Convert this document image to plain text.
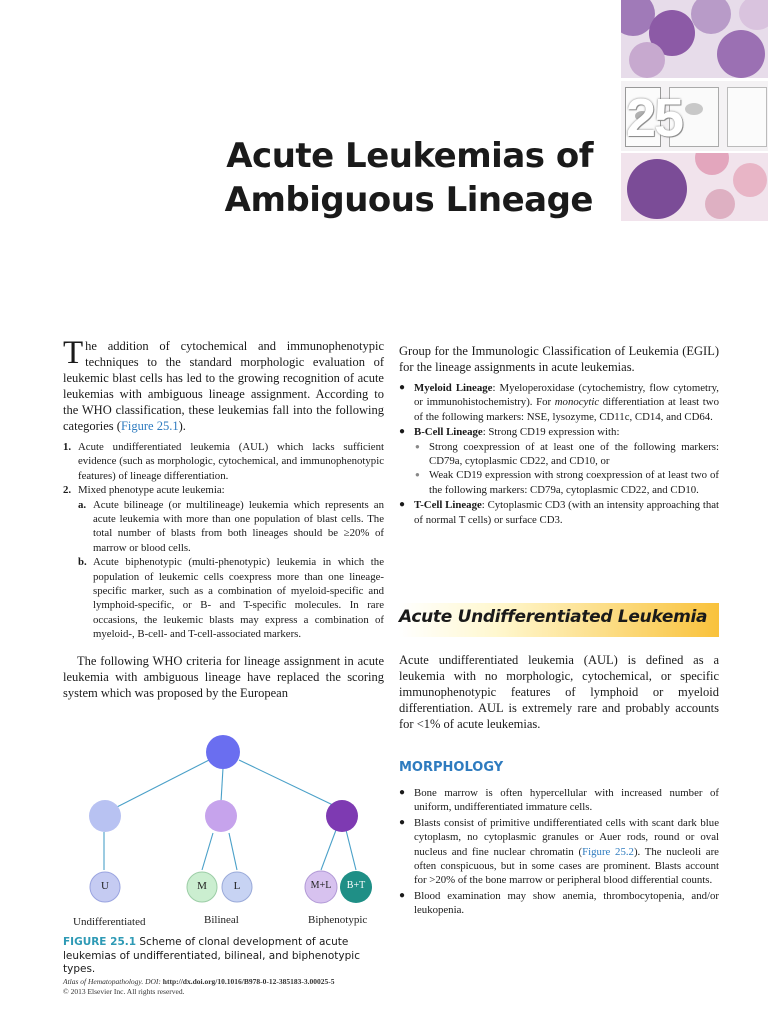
25
Acute Leukemias of
Ambiguous Lineage

The addition of cytochemical and immunophenotypic techniques to the standard morphologic evaluation of leukemic blast cells has led to the growing recognition of acute leukemias with ambiguous lineage assignment. According to the WHO classification, these leukemias fall into the following categories (Figure 25.1).

1. Acute undifferentiated leukemia (AUL) which lacks sufficient evidence (such as morphologic, cytochemical, and immunophenotypic features) of lineage differentiation.
2. Mixed phenotype acute leukemia:
a. Acute bilineage (or multilineage) leukemia which represents an acute leukemia with more than one population of blast cells. The total number of blasts from both lineages should be ≥20% of marrow or blood cells.
b. Acute biphenotypic (multi-phenotypic) leukemia in which the population of leukemic cells coexpress more than one lineage-specific marker, such as a combination of myeloid-specific and lymphoid-specific, or B- and T-specific molecules. In rare occasions, the leukemic blasts may express a combination of myeloid-, B-cell- and T-cell-associated markers.

The following WHO criteria for lineage assignment in acute leukemia with ambiguous lineage have replaced the scoring system which was proposed by the European

Group for the Immunologic Classification of Leukemia (EGIL) for the lineage assignments in acute leukemias.

● Myeloid Lineage: Myeloperoxidase (cytochemistry, flow cytometry, or immunohistochemistry). For monocytic differentiation at least two of the following markers: NSE, lysozyme, CD11c, CD14, and CD64.
● B-Cell Lineage: Strong CD19 expression with:
● Strong coexpression of at least one of the following markers: CD79a, cytoplasmic CD22, and CD10, or
● Weak CD19 expression with strong coexpression of at least two of the following markers: CD79a, cytoplasmic CD22, and CD10.
● T-Cell Lineage: Cytoplasmic CD3 (with an intensity approaching that of normal T cells) or surface CD3.
Acute Undifferentiated Leukemia

Acute undifferentiated leukemia (AUL) is defined as a leukemia with no morphologic, cytochemical, or specific immunophenotypic features of lymphoid or myeloid differentiation. AUL is extremely rare and probably accounts for <1% of acute leukemias.

MORPHOLOGY
● Bone marrow is often hypercellular with increased number of uniform, undifferentiated immature cells.
● Blasts consist of primitive undifferentiated cells with scant dark blue cytoplasm, no cytoplasmic granules or Auer rods, round or oval nucleus and fine nuclear chromatin (Figure 25.2). The nucleoli are often conspicuous, but in some cases are prominent. Blasts account for >20% of the bone marrow or peripheral blood differential counts.
● Blood examination may show anemia, thrombocytopenia, and/or leukopenia.
U	M L	M+L	B+T
Undifferentiated	Bilineal	Biphenotypic
FIGURE 25.1 Scheme of clonal development of acute leukemias of undifferentiated, bilineal, and biphenotypic types.
Atlas of Hematopathology. DOI: http://dx.doi.org/10.1016/B978-0-12-385183-3.00025-5
© 2013 Elsevier Inc. All rights reserved.
